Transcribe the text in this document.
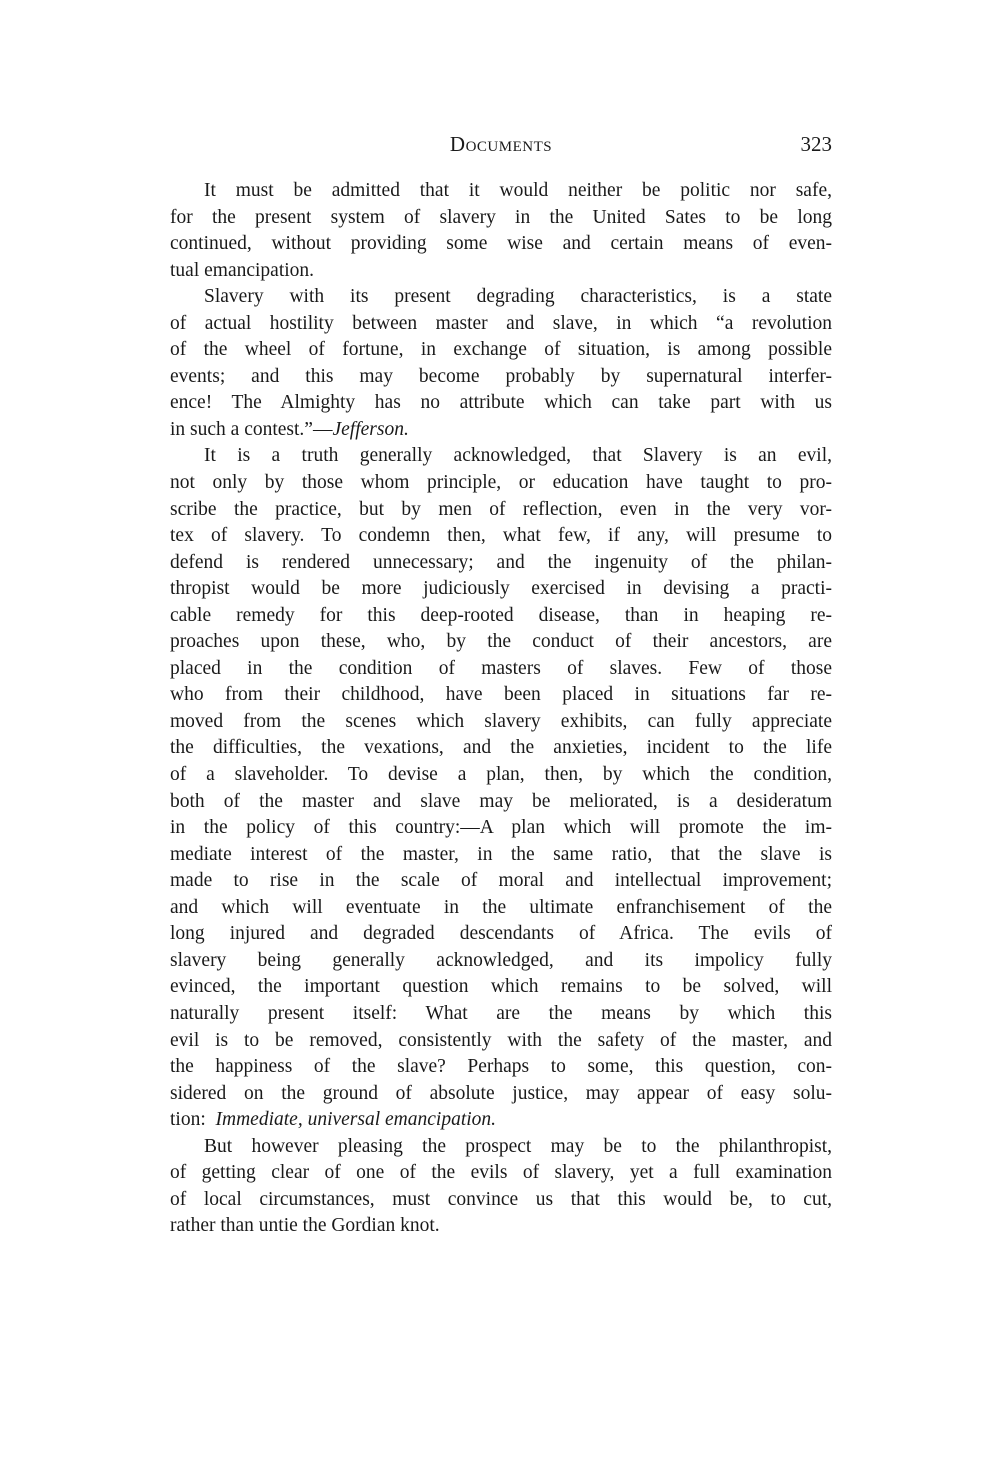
Documents	323
It must be admitted that it would neither be politic nor safe,
for the present system of slavery in the United Sates to be long
continued, without providing some wise and certain means of even-
tual emancipation.
Slavery with its present degrading characteristics, is a state
of actual hostility between master and slave, in which “a revolution
of the wheel of fortune, in exchange of situation, is among possible
events; and this may become probably by supernatural interfer-
ence! The Almighty has no attribute which can take part with us
in such a contest.”—Jefferson.
It is a truth generally acknowledged, that Slavery is an evil,
not only by those whom principle, or education have taught to pro-
scribe the practice, but by men of reflection, even in the very vor-
tex of slavery. To condemn then, what few, if any, will presume to
defend is rendered unnecessary; and the ingenuity of the philan-
thropist would be more judiciously exercised in devising a practi-
cable remedy for this deep-rooted disease, than in heaping re-
proaches upon these, who, by the conduct of their ancestors, are
placed in the condition of masters of slaves. Few of those
who from their childhood, have been placed in situations far re-
moved from the scenes which slavery exhibits, can fully appreciate
the difficulties, the vexations, and the anxieties, incident to the life
of a slaveholder. To devise a plan, then, by which the condition,
both of the master and slave may be meliorated, is a desideratum
in the policy of this country:—A plan which will promote the im-
mediate interest of the master, in the same ratio, that the slave is
made to rise in the scale of moral and intellectual improvement;
and which will eventuate in the ultimate enfranchisement of the
long injured and degraded descendants of Africa. The evils of
slavery being generally acknowledged, and its impolicy fully
evinced, the important question which remains to be solved, will
naturally present itself: What are the means by which this
evil is to be removed, consistently with the safety of the master, and
the happiness of the slave? Perhaps to some, this question, con-
sidered on the ground of absolute justice, may appear of easy solu-
tion: Immediate, universal emancipation.
But however pleasing the prospect may be to the philanthropist,
of getting clear of one of the evils of slavery, yet a full examination
of local circumstances, must convince us that this would be, to cut,
rather than untie the Gordian knot.
